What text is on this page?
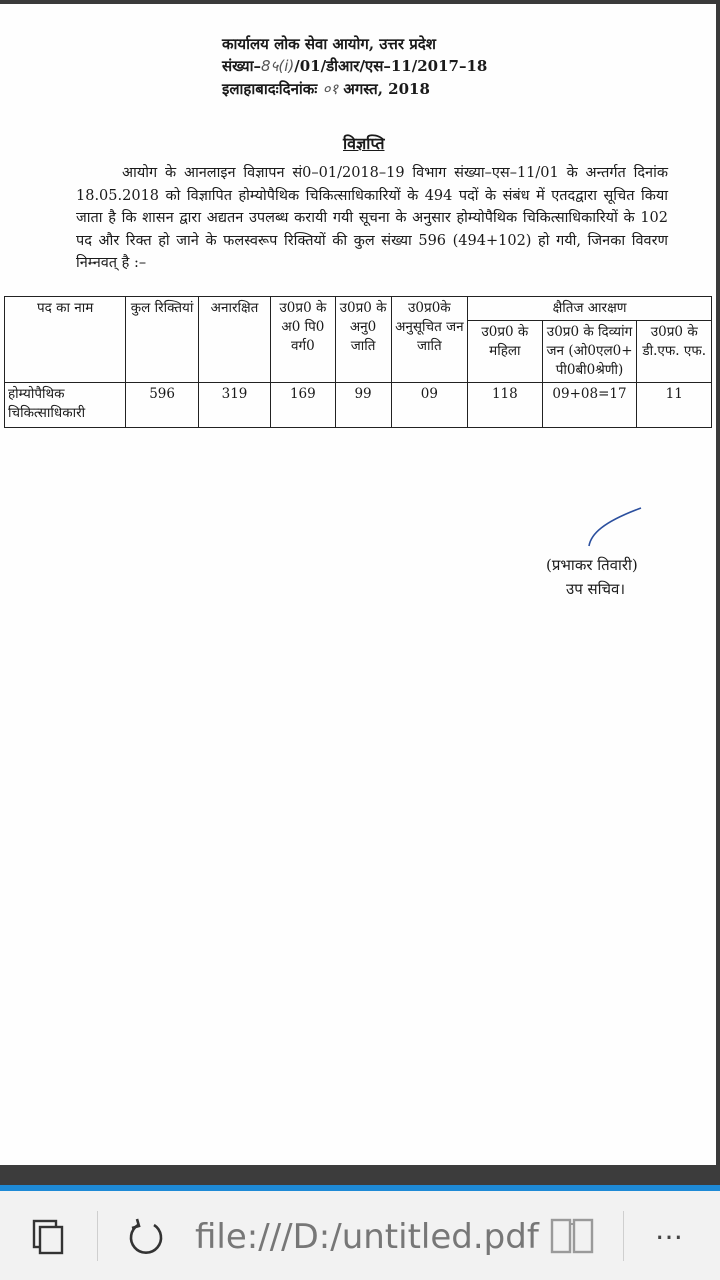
कार्यालय लोक सेवा आयोग, उत्तर प्रदेश
संख्या–8५(i)/01/डीआर/एस–11/2017–18
इलाहाबादःदिनांकः ०१ अगस्त, 2018
विज्ञप्ति
आयोग के आनलाइन विज्ञापन सं0–01/2018–19 विभाग संख्या–एस–11/01 के अन्तर्गत दिनांक 18.05.2018 को विज्ञापित होम्योपैथिक चिकित्साधिकारियों के 494 पदों के संबंध में एतदद्वारा सूचित किया जाता है कि शासन द्वारा अद्यतन उपलब्ध करायी गयी सूचना के अनुसार होम्योपैथिक चिकित्साधिकारियों के 102 पद और रिक्त हो जाने के फलस्वरूप रिक्तियों की कुल संख्या 596 (494+102) हो गयी, जिनका विवरण निम्नवत् है :–
पद का नाम	कुल रिक्तियां	अनारक्षित	उ0प्र0 के अ0 पि0 वर्ग0	उ0प्र0 के अनु0 जाति	उ0प्र0के अनुसूचित जन जाति	क्षैतिज आरक्षण		
						उ0प्र0 के महिला	उ0प्र0 के दिव्यांग जन (ओ0एल0+ पी0बी0श्रेणी)	उ0प्र0 के डी.एफ. एफ.
होम्योपैथिक चिकित्साधिकारी	596	319	169	99	09	118	09+08=17	11
(प्रभाकर तिवारी)
उप सचिव।
file:///D:/untitled.pdf	…
